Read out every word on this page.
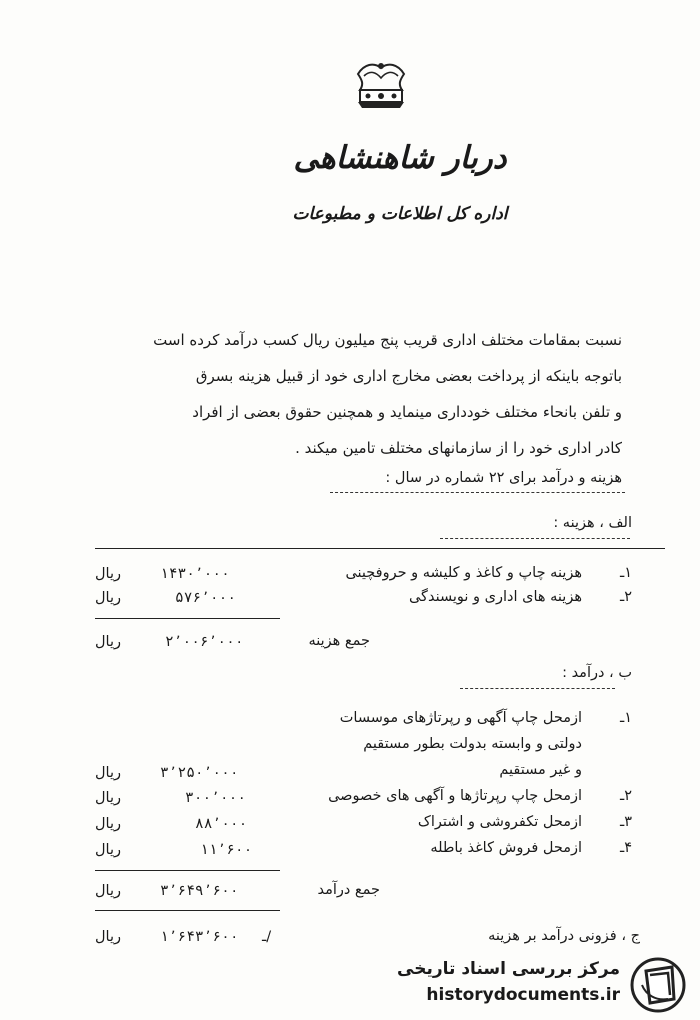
دربار شاهنشاهی
اداره کل اطلاعات و مطبوعات
نسبت بمقامات مختلف اداری قریب پنج میلیون ریال کسب درآمد کرده است
باتوجه باینکه از پرداخت بعضی مخارج اداری خود از قبیل هزینه بسرق
و تلفن بانحاء مختلف خودداری مینماید و همچنین حقوق بعضی از افراد
کادر اداری خود را از سازمانهای مختلف تامین میکند .
هزینه و درآمد برای ۲۲ شماره در سال :
الف ، هزینه :
۱ـ
هزینه چاپ و کاغذ و کلیشه و حروفچینی
۱۴۳۰٬۰۰۰
ریال
۲ـ
هزینه های اداری و نویسندگی
۵۷۶٬۰۰۰
ریال
جمع هزینه
۲٬۰۰۶٬۰۰۰
ریال
ب ، درآمد :
۱ـ
ازمحل چاپ آگهی و رپرتاژهای موسسات
دولتی و وابسته بدولت بطور مستقیم
و غیر مستقیم
۳٬۲۵۰٬۰۰۰
ریال
۲ـ
ازمحل چاپ رپرتاژها و آگهی های خصوصی
۳۰۰٬۰۰۰
ریال
۳ـ
ازمحل تکفروشی و اشتراک
۸۸٬۰۰۰
ریال
۴ـ
ازمحل فروش کاغذ باطله
۱۱٬۶۰۰
ریال
جمع درآمد
۳٬۶۴۹٬۶۰۰
ریال
ج ، فزونی درآمد بر هزینه
ـ/
۱٬۶۴۳٬۶۰۰
ریال
مرکز بررسی اسناد تاریخی
historydocuments.ir
